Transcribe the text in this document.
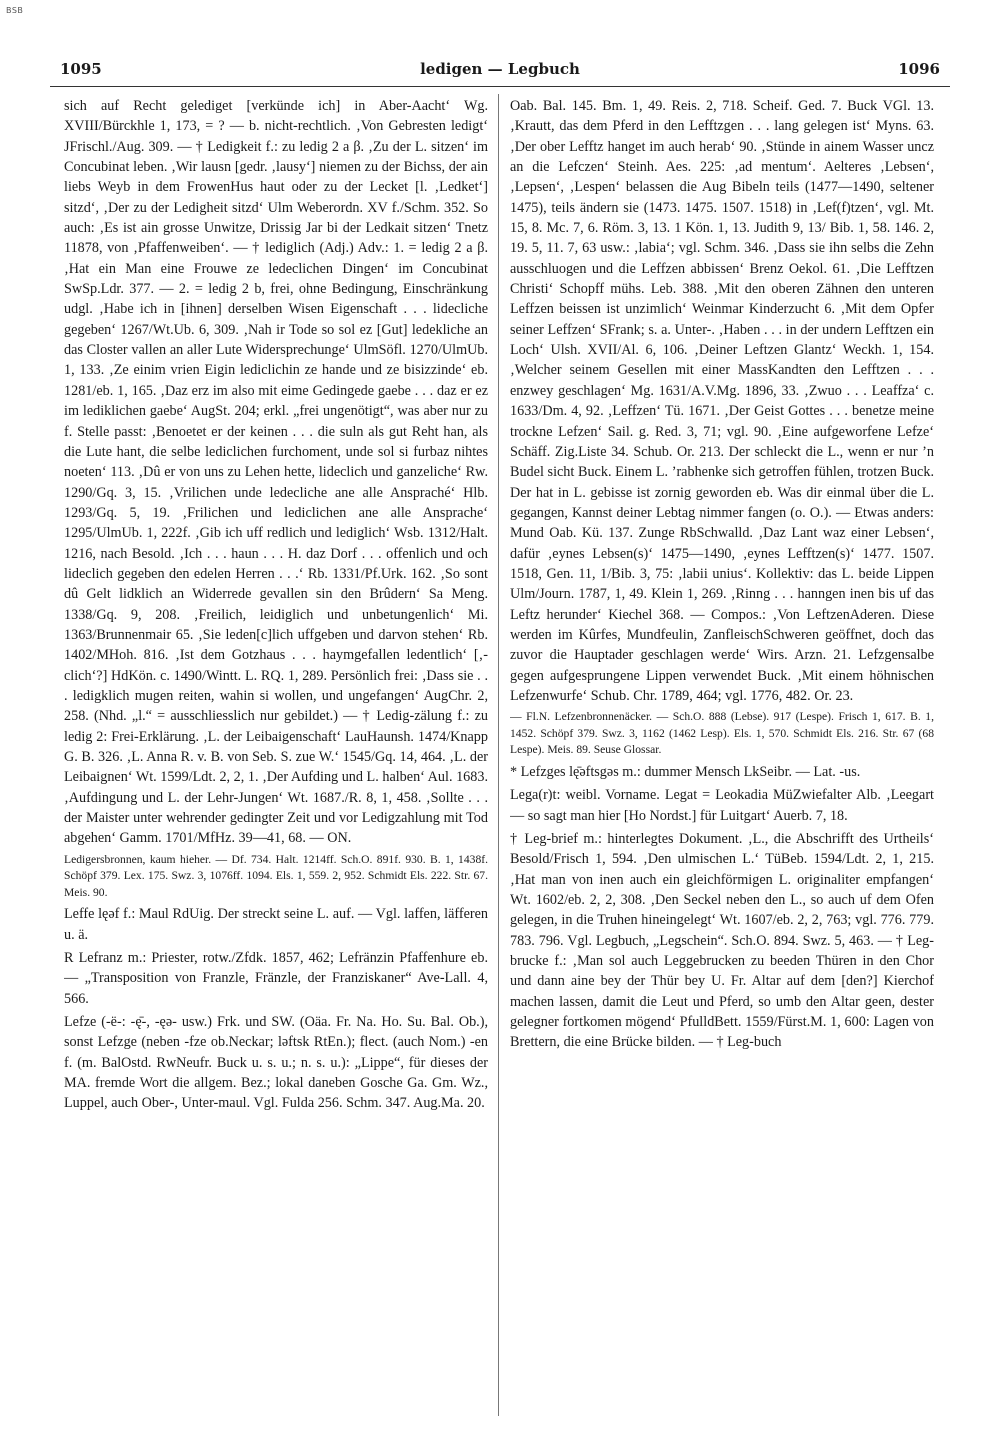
BSB
1095	ledigen — Legbuch	1096

sich auf Recht gelediget [verkünde ich] in Aber-Aacht‘ Wg. XVIII/Bürckhle 1, 173, = ? — b. nicht-rechtlich. ‚Von Gebresten ledigt‘ JFrischl./Aug. 309. — † Ledigkeit f.: zu ledig 2 a β. ‚Zu der L. sitzen‘ im Concubinat leben. ‚Wir lausn [gedr. ‚lausy‘] niemen zu der Bichss, der ain liebs Weyb in dem FrowenHus haut oder zu der Lecket [l. ‚Ledket‘] sitzd‘, ‚Der zu der Ledigheit sitzd‘ Ulm Weberordn. XV f./Schm. 352. So auch: ‚Es ist ain grosse Unwitze, Drissig Jar bi der Ledkait sitzen‘ Tnetz 11878, von ‚Pfaffenweiben‘. — † lediglich (Adj.) Adv.: 1. = ledig 2 a β. ‚Hat ein Man eine Frouwe ze ledeclichen Dingen‘ im Concubinat SwSp.Ldr. 377. — 2. = ledig 2 b, frei, ohne Bedingung, Einschränkung udgl. ‚Habe ich in [ihnen] derselben Wisen Eigenschaft . . . lidecliche gegeben‘ 1267/Wt.Ub. 6, 309. ‚Nah ir Tode so sol ez [Gut] ledekliche an das Closter vallen an aller Lute Widersprechunge‘ UlmSöfl. 1270/UlmUb. 1, 133. ‚Ze einim vrien Eigin lediclichin ze hande und ze bisizzinde‘ eb. 1281/eb. 1, 165. ‚Daz erz im also mit eime Gedingede gaebe . . . daz er ez im ledikliche‌n gaebe‘ AugSt. 204; erkl. „frei ungenötigt“, was aber nur zu f. Stelle passt: ‚Benoetet er der keinen . . . die suln als gut Reht han, als die Lute hant, die selbe lediclichen furchoment, unde sol si furbaz nihtes noeten‘ 113. ‚Dû er von uns zu Lehen hette, lideclich und ganzeliche‘ Rw. 1290/Gq. 3, 15. ‚Vrilichen unde ledecliche ane alle Anspraché‘ Hlb. 1293/Gq. 5, 19. ‚Frilichen und lediclichen ane alle Ansprache‘ 1295/UlmUb. 1, 222f. ‚Gib ich uff redlich und lediglich‘ Wsb. 1312/Halt. 1216, nach Besold. ‚Ich . . . haun . . . H. daz Dorf . . . offenlich und och lideclich gegeben den edelen Herren . . .‘ Rb. 1331/Pf.Urk. 162. ‚So sont dû Gelt lidklich an Widerrede gevallen sin den Brûdern‘ Sa Meng. 1338/Gq. 9, 208. ‚Freilich, leidiglich und unbetungenlich‘ Mi. 1363/Brunnenmair 65. ‚Sie leden[c]lich uffgeben und darvon stehen‘ Rb. 1402/MHoh. 816. ‚Ist dem Gotzhaus . . . haymgefallen ledentlich‘ [‚-clich‘?] HdKön. c. 1490/Wintt. L. RQ. 1, 289. Persönlich frei: ‚Dass sie . . . ledigklich mugen reiten, wahin si wollen, und ungefangen‘ AugChr. 2, 258. (Nhd. „l.“ = ausschliesslich nur gebildet.) — † Ledig-zälung f.: zu ledig 2: Frei-Erklärung. ‚L. der Leibaigenschaft‘ LauHaunsh. 1474/Knapp G. B. 326. ‚L. Anna R. v. B. von Seb. S. zue W.‘ 1545/Gq. 14, 464. ‚L. der Leibaignen‘ Wt. 1599/Ldt. 2, 2, 1. ‚Der Aufding und L. halben‘ Aul. 1683. ‚Aufdingung und L. der Lehr-Jungen‘ Wt. 1687./R. 8, 1, 458. ‚Sollte . . . der Maister unter wehrender gedingter Zeit und vor Ledigzahlung mit Tod abgehen‘ Gamm. 1701/MfHz. 39—41, 68. — ON.

Ledigersbronnen, kaum hieher. — Df. 734. Halt. 1214ff. Sch.O. 891f. 930. B. 1, 1438f. Schöpf 379. Lex. 175. Swz. 3, 1076ff. 1094. Els. 1, 559. 2, 952. Schmidt Els. 222. Str. 67. Meis. 90.

Leffe lęəf f.: Maul RdUig. Der streckt seine L. auf. — Vgl. laffen, läfferen u. ä.

R Lefranz m.: Priester, rotw./Zfdk. 1857, 462; Lefränzin Pfaffenhure eb. — „Transposition von Franzle, Fränzle, der Franziskaner“ Ave-Lall. 4, 566.

Lefze (-ë-: -ę̄-, -ęə- usw.) Frk. und SW. (Oäa. Fr. Na. Ho. Su. Bal. Ob.), sonst Lefzge (neben -fze ob.Neckar; ləftsk RtEn.); flect. (auch Nom.) -en f. (m. BalOstd. RwNeufr. Buck u. s. u.; n. s. u.): „Lippe“, für dieses der MA. fremde Wort die allgem. Bez.; lokal daneben Gosche Ga. Gm. Wz., Luppel, auch Ober-, Unter-maul. Vgl. Fulda 256. Schm. 347. Aug.Ma. 20.

Oab. Bal. 145. Bm. 1, 49. Reis. 2, 718. Scheif. Ged. 7. Buck VGl. 13. ‚Krautt, das dem Pferd in den Lefftzgen . . . lang gelegen ist‘ Myns. 63. ‚Der ober Lefftz hanget im auch herab‘ 90. ‚Stünde in ainem Wasser uncz an die Lefczen‘ Steinh. Aes. 225: ‚ad mentum‘. Aelteres ‚Lebsen‘, ‚Lepsen‘, ‚Lespen‘ belassen die Aug Bibeln teils (1477—1490, seltener 1475), teils ändern sie (1473. 1475. 1507. 1518) in ‚Lef(f)tzen‘, vgl. Mt. 15, 8. Mc. 7, 6. Röm. 3, 13. 1 Kön. 1, 13. Judith 9, 13/ Bib. 1, 58. 146. 2, 19. 5, 11. 7, 63 usw.: ‚labia‘; vgl. Schm. 346. ‚Dass sie ihn selbs die Zehn ausschluogen und die Leffzen abbissen‘ Brenz Oekol. 61. ‚Die Lefftzen Christi‘ Schopff mühs. Leb. 388. ‚Mit den oberen Zähnen den unteren Leffzen beissen ist unzimlich‘ Weinmar Kinderzucht 6. ‚Mit dem Opfer seiner Leffzen‘ SFrank; s. a. Unter-. ‚Haben . . . in der undern Lefftzen ein Loch‘ Ulsh. XVII/Al. 6, 106. ‚Deiner Leftzen Glantz‘ Weckh. 1, 154. ‚Welcher seinem Gesellen mit einer MassKandten den Lefftzen . . . enzwey geschlagen‘ Mg. 1631/A.V.Mg. 1896, 33. ‚Zwuo . . . Leaffza‘ c. 1633/Dm. 4, 92. ‚Leffzen‘ Tü. 1671. ‚Der Geist Gottes . . . benetze meine trockne Lefzen‘ Sail. g. Red. 3, 71; vgl. 90. ‚Eine aufgeworfene Lefze‘ Schäff. Zig.Liste 34. Schub. Or. 213. Der schleckt die L., wenn er nur ’n Budel sicht Buck. Einem L. ’rabhenke sich getroffen fühlen, trotzen Buck. Der hat in L. gebisse ist zornig geworden eb. Was dir einmal über die L. gegangen, Kannst deiner Lebtag nimmer fangen (o. O.). — Etwas anders: Mund Oab. Kü. 137. Zunge RbSchwalld. ‚Daz Lant waz einer Lebsen‘, dafür ‚eynes Lebsen(s)‘ 1475—1490, ‚eynes Lefftzen(s)‘ 1477. 1507. 1518, Gen. 11, 1/Bib. 3, 75: ‚labii unius‘. Kollektiv: das L. beide Lippen Ulm/Journ. 1787, 1, 49. Klein 1, 269. ‚Rinng . . . hanngen inen bis uf das Leftz herunder‘ Kiechel 368. — Compos.: ‚Von LeftzenAderen. Diese werden im Kûrfes, Mundfeulin, ZanfleischSchweren geöffnet, doch das zuvor die Hauptader geschlagen werde‘ Wirs. Arzn. 21. Lefzgensalbe gegen aufgesprungene Lippen verwendet Buck. ‚Mit einem höhnischen Lefzenwurfe‘ Schub. Chr. 1789, 464; vgl. 1776, 482. Or. 23.

— Fl.N. Lefzenbronnenäcker. — Sch.O. 888 (Lebse). 917 (Lespe). Frisch 1, 617. B. 1, 1452. Schöpf 379. Swz. 3, 1162 (1462 Lesp). Els. 1, 570. Schmidt Els. 216. Str. 67 (68 Lespe). Meis. 89. Seuse Glossar.

* Lefzges lę̄əftsgəs m.: dummer Mensch LkSeibr. — Lat. -us.

Lega(r)t: weibl. Vorname. Legat = Leokadia MüZwiefalter Alb. ‚Leegart — so sagt man hier [Ho Nordst.] für Luitgart‘ Auerb. 7, 18.

† Leg-brief m.: hinterlegtes Dokument. ‚L., die Abschrifft des Urtheils‘ Besold/Frisch 1, 594. ‚Den ulmischen L.‘ TüBeb. 1594/Ldt. 2, 1, 215. ‚Hat man von inen auch ein gleichförmigen L. originaliter empfangen‘ Wt. 1602/eb. 2, 2, 308. ‚Den Seckel neben den L., so auch uf dem Ofen gelegen, in die Truhen hineingelegt‘ Wt. 1607/eb. 2, 2, 763; vgl. 776. 779. 783. 796. Vgl. Legbuch, „Legschein“. Sch.O. 894. Swz. 5, 463. — † Leg-brucke f.: ‚Man sol auch Leggebrucken zu beeden Thüren in den Chor und dann aine bey der Thür bey U. Fr. Altar auf dem [den?] Kierchof machen lassen, damit die Leut und Pferd, so umb den Altar geen, dester gelegner fortkomen mögend‘ PfulldBett. 1559/Fürst.M. 1, 600: Lagen von Brettern, die eine Brücke bilden. — † Leg-buch
